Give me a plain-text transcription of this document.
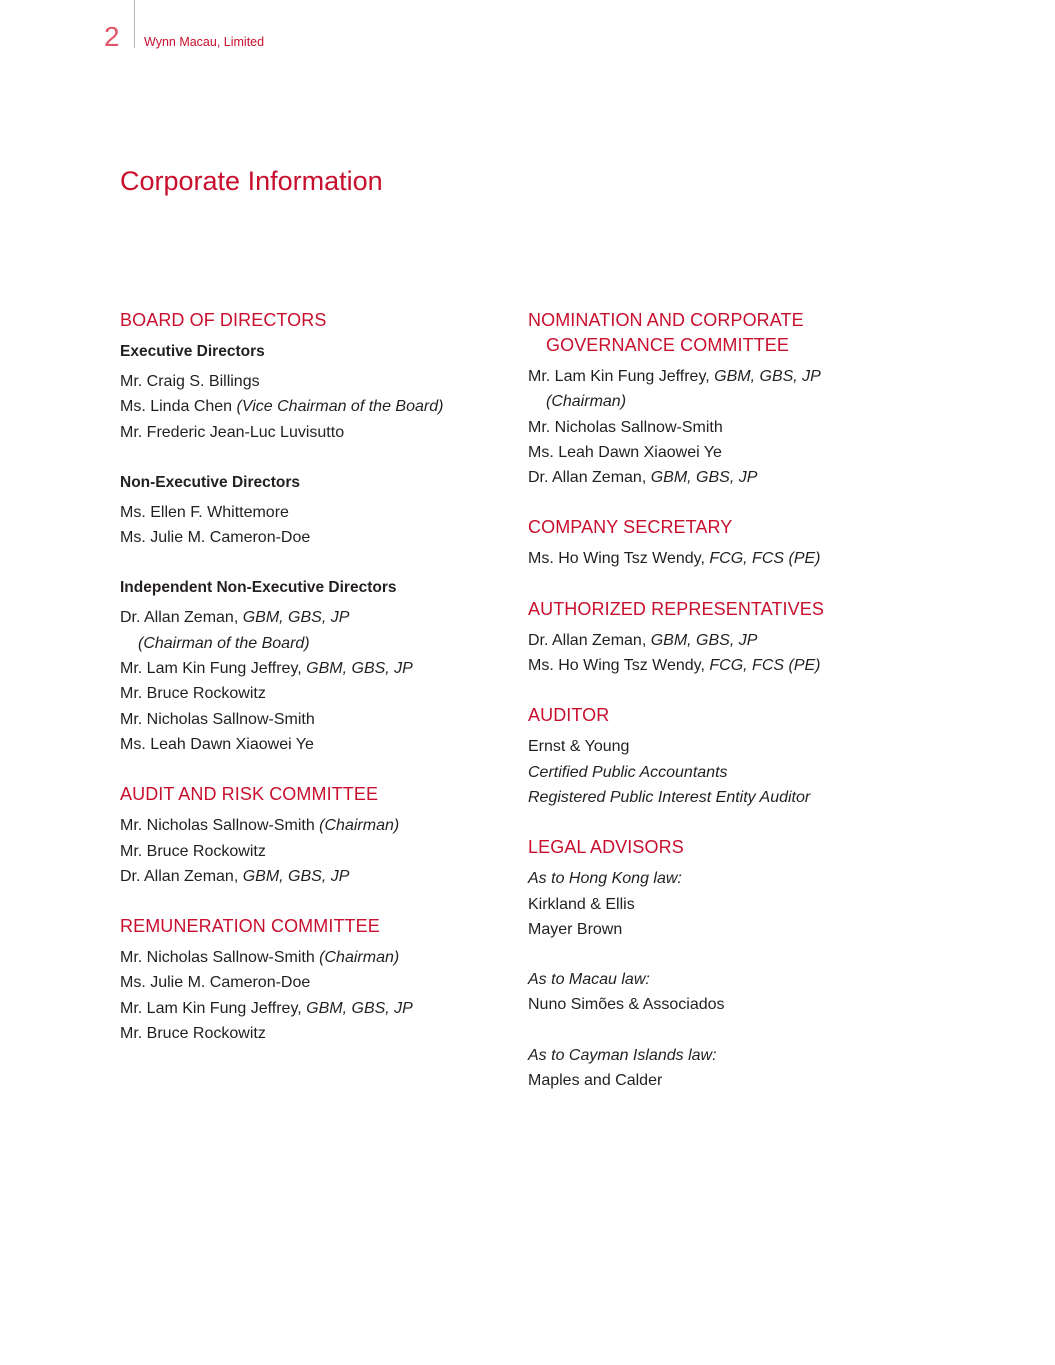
2 Wynn Macau, Limited
Corporate Information
BOARD OF DIRECTORS
Executive Directors
Mr. Craig S. Billings
Ms. Linda Chen (Vice Chairman of the Board)
Mr. Frederic Jean-Luc Luvisutto
Non-Executive Directors
Ms. Ellen F. Whittemore
Ms. Julie M. Cameron-Doe
Independent Non-Executive Directors
Dr. Allan Zeman, GBM, GBS, JP
(Chairman of the Board)
Mr. Lam Kin Fung Jeffrey, GBM, GBS, JP
Mr. Bruce Rockowitz
Mr. Nicholas Sallnow-Smith
Ms. Leah Dawn Xiaowei Ye
AUDIT AND RISK COMMITTEE
Mr. Nicholas Sallnow-Smith (Chairman)
Mr. Bruce Rockowitz
Dr. Allan Zeman, GBM, GBS, JP
REMUNERATION COMMITTEE
Mr. Nicholas Sallnow-Smith (Chairman)
Ms. Julie M. Cameron-Doe
Mr. Lam Kin Fung Jeffrey, GBM, GBS, JP
Mr. Bruce Rockowitz
NOMINATION AND CORPORATE
GOVERNANCE COMMITTEE
Mr. Lam Kin Fung Jeffrey, GBM, GBS, JP
(Chairman)
Mr. Nicholas Sallnow-Smith
Ms. Leah Dawn Xiaowei Ye
Dr. Allan Zeman, GBM, GBS, JP
COMPANY SECRETARY
Ms. Ho Wing Tsz Wendy, FCG, FCS (PE)
AUTHORIZED REPRESENTATIVES
Dr. Allan Zeman, GBM, GBS, JP
Ms. Ho Wing Tsz Wendy, FCG, FCS (PE)
AUDITOR
Ernst & Young
Certified Public Accountants
Registered Public Interest Entity Auditor
LEGAL ADVISORS
As to Hong Kong law:
Kirkland & Ellis
Mayer Brown
As to Macau law:
Nuno Simões & Associados
As to Cayman Islands law:
Maples and Calder
